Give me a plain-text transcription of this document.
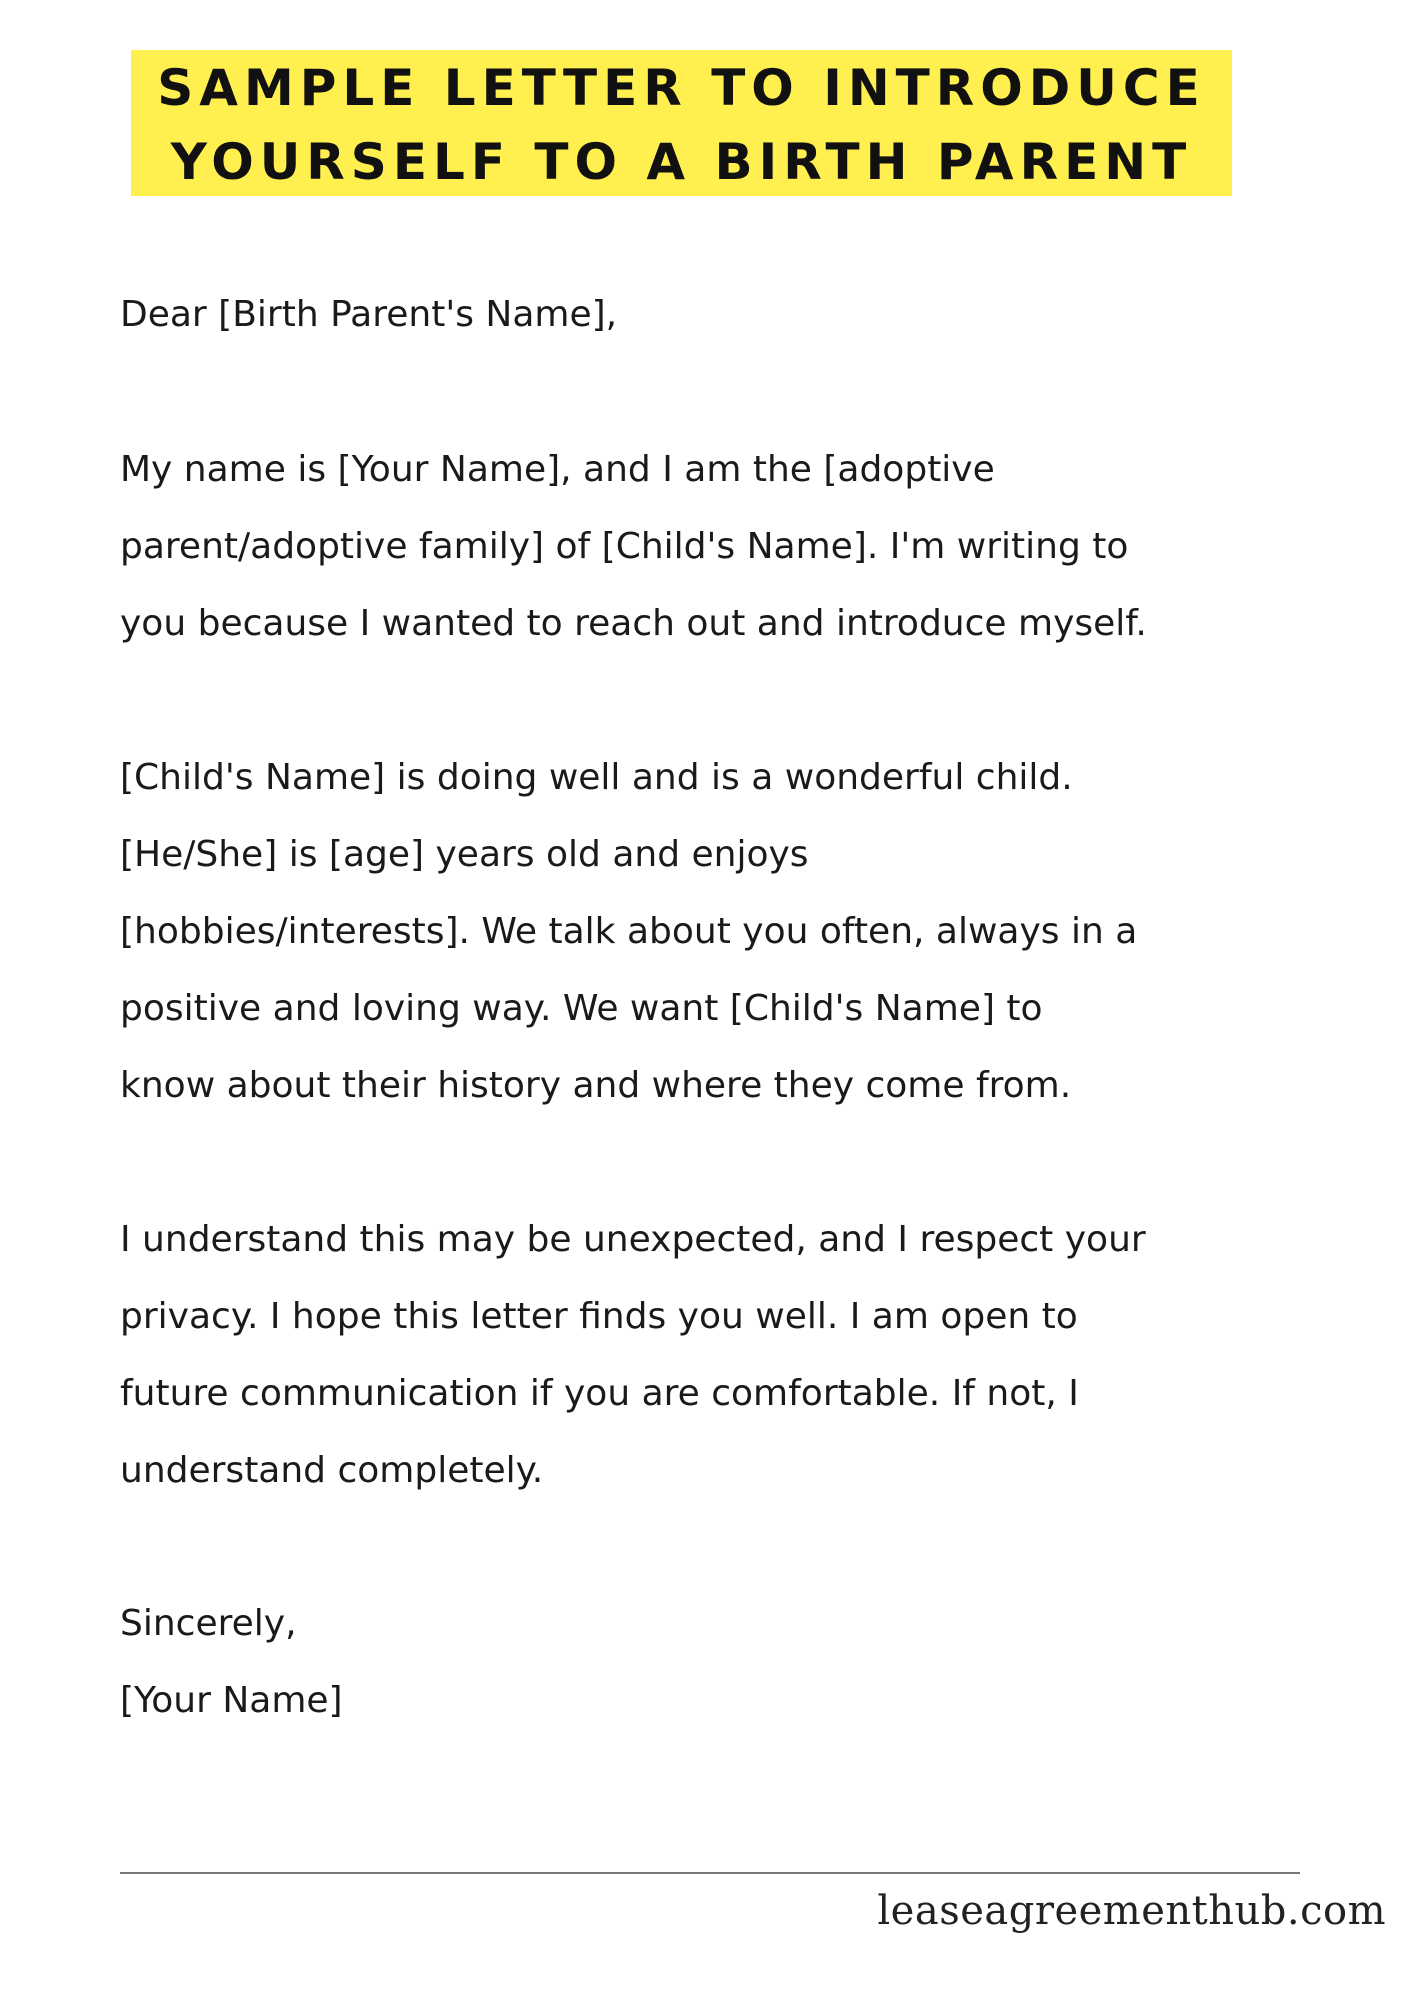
SAMPLE LETTER TO INTRODUCE
YOURSELF TO A BIRTH PARENT
Dear [Birth Parent's Name],
My name is [Your Name], and I am the [adoptive
parent/adoptive family] of [Child's Name]. I'm writing to
you because I wanted to reach out and introduce myself.
[Child's Name] is doing well and is a wonderful child.
[He/She] is [age] years old and enjoys
[hobbies/interests]. We talk about you often, always in a
positive and loving way. We want [Child's Name] to
know about their history and where they come from.
I understand this may be unexpected, and I respect your
privacy. I hope this letter finds you well. I am open to
future communication if you are comfortable. If not, I
understand completely.
Sincerely,
[Your Name]
leaseagreementhub.com
